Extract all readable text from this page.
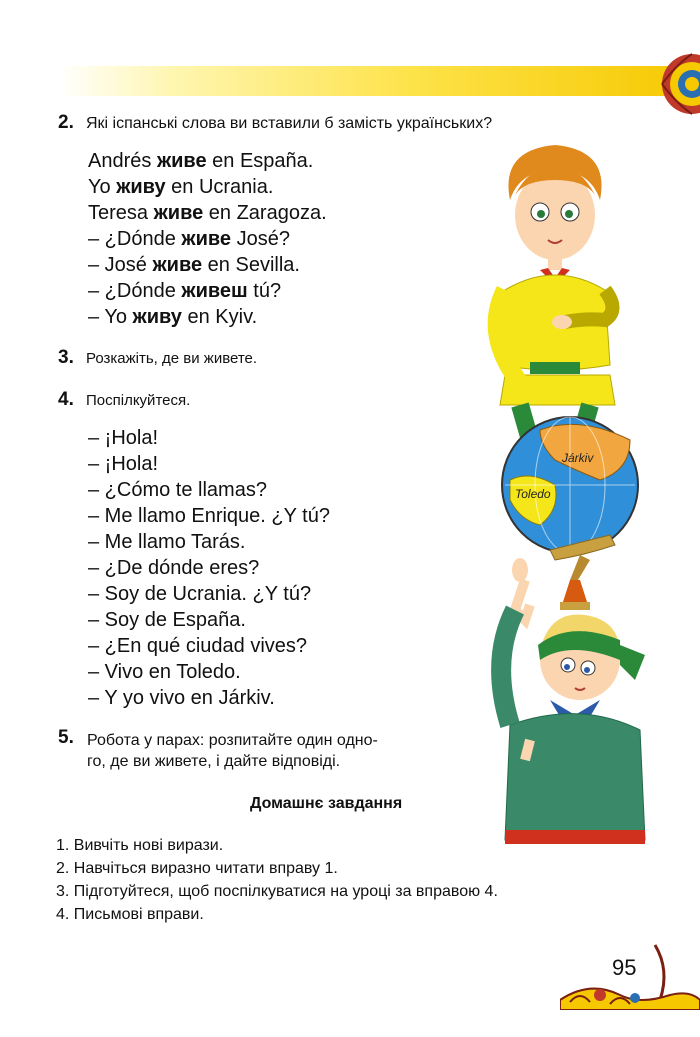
2. Які іспанські слова ви вставили б замість українських?
Andrés живе en España.
Yo живу en Ucrania.
Teresa живе en Zaragoza.
– ¿Dónde живе José?
– José живе en Sevilla.
– ¿Dónde живеш tú?
– Yo живу en Kyiv.
3. Розкажіть, де ви живете.
4. Поспілкуйтеся.
– ¡Hola!
– ¡Hola!
– ¿Cómo te llamas?
– Me llamo Enrique. ¿Y tú?
– Me llamo Tarás.
– ¿De dónde eres?
– Soy de Ucrania. ¿Y tú?
– Soy de España.
– ¿En qué ciudad vives?
– Vivo en Toledo.
– Y yo vivo en Járkiv.
5. Робота у парах: розпитайте один одно-
го, де ви живете, і дайте відповіді.
Домашнє завдання
1. Вивчіть нові вирази.
2. Навчіться виразно читати вправу 1.
3. Підготуйтеся, щоб поспілкуватися на уроці за вправою 4.
4. Письмові вправи.
Járkiv
Toledo
95
